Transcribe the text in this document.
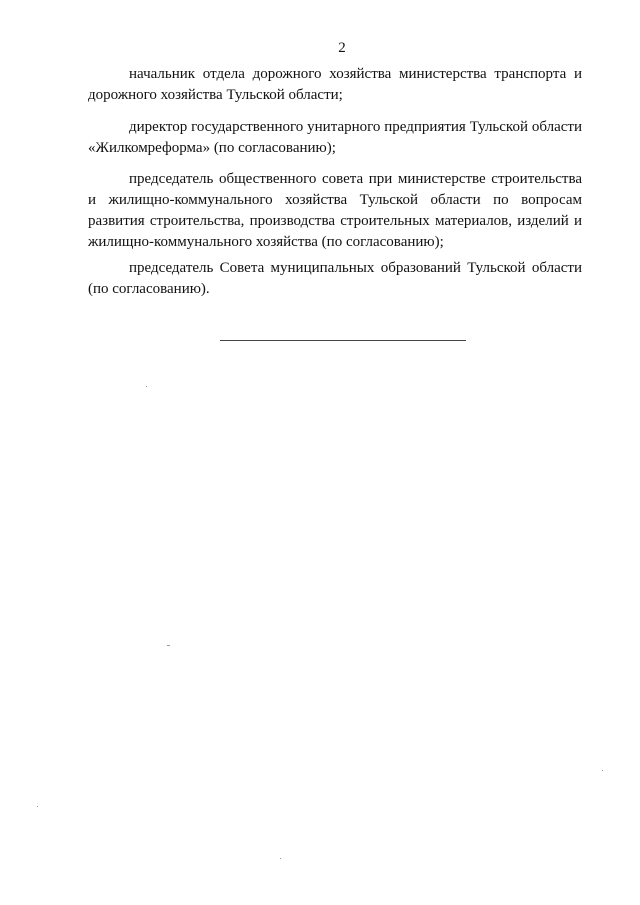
2

начальник отдела дорожного хозяйства министерства транспорта и дорожного хозяйства Тульской области;

директор государственного унитарного предприятия Тульской области «Жилкомреформа» (по согласованию);

председатель общественного совета при министерстве строительства и жилищно-коммунального хозяйства Тульской области по вопросам развития строительства, производства строительных материалов, изделий и жилищно-коммунального хозяйства (по согласованию);

председатель Совета муниципальных образований Тульской области (по согласованию).
